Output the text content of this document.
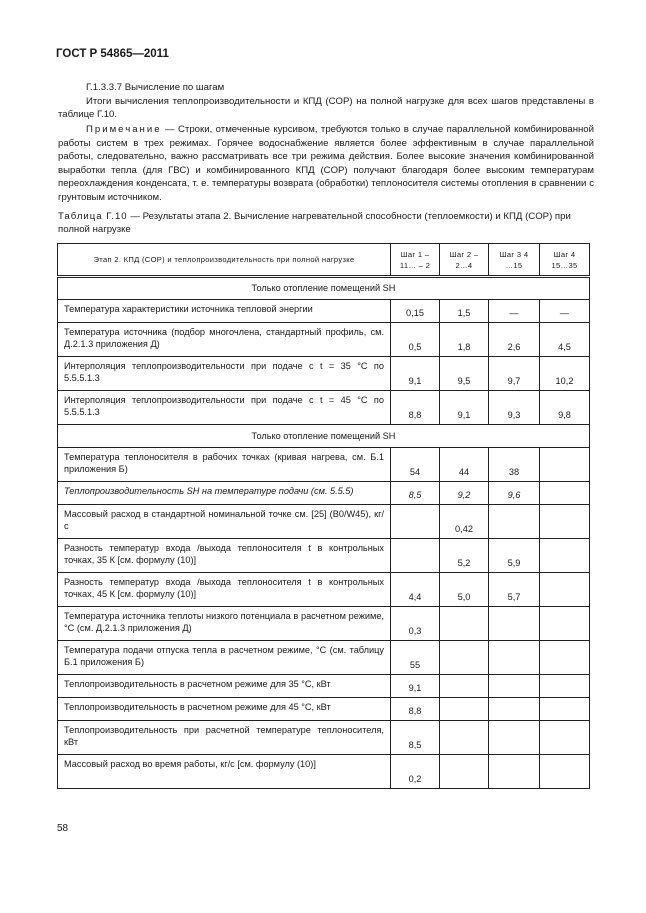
ГОСТ Р 54865—2011
Г.1.3.3.7 Вычисление по шагам
Итоги вычисления теплопроизводительности и КПД (COP) на полной нагрузке для всех шагов представлены в таблице Г.10.
Примечание — Строки, отмеченные курсивом, требуются только в случае параллельной комбинированной работы систем в трех режимах. Горячее водоснабжение является более эффективным в случае параллельной работы, следовательно, важно рассматривать все три режима действия. Более высокие значения комбинированной выработки тепла (для ГВС) и комбинированного КПД (COP) получают благодаря более высоким температурам переохлаждения конденсата, т. е. температуры возврата (обработки) теплоносителя системы отопления в сравнении с грунтовым источником.
Таблица Г.10 — Результаты этапа 2. Вычисление нагревательной способности (теплоемкости) и КПД (COP) при полной нагрузке
Этап 2. КПД (COP) и теплопроизводительность при полной нагрузке	Шаг 1 – 11… – 2	Шаг 2 – 2…4	Шаг 3 4 …15	Шаг 4 15…35
Только отопление помещений SH				
Температура характеристики источника тепловой энергии	0,15	1,5	—	—
Температура источника (подбор многочлена, стандартный профиль, см. Д.2.1.3 приложения Д)	0,5	1,8	2,6	4,5
Интерполяция теплопроизводительности при подаче с t = 35 °С по 5.5.5.1.3	9,1	9,5	9,7	10,2
Интерполяция теплопроизводительности при подаче с t = 45 °С по 5.5.5.1.3	8,8	9,1	9,3	9,8
Только отопление помещений SH				
Температура теплоносителя в рабочих точках (кривая нагрева, см. Б.1 приложения Б)	54	44	38	
Теплопроизводительность SH на температуре подачи (см. 5.5.5)	8,5	9,2	9,6	
Массовый расход в стандартной номинальной точке см. [25] (B0/W45), кг/с		0,42		
Разность температур входа /выхода теплоносителя t в контрольных точках, 35 К [см. формулу (10)]		5,2	5,9	
Разность температур входа /выхода теплоносителя t в контрольных точках, 45 К [см. формулу (10)]	4,4	5,0	5,7	
Температура источника теплоты низкого потенциала в расчетном режиме, °С (см. Д.2.1.3 приложения Д)	0,3			
Температура подачи отпуска тепла в расчетном режиме, °С (см. таблицу Б.1 приложения Б)	55			
Теплопроизводительность в расчетном режиме для 35 °С, кВт	9,1			
Теплопроизводительность в расчетном режиме для 45 °С, кВт	8,8			
Теплопроизводительность при расчетной температуре теплоносителя, кВт	8,5			
Массовый расход во время работы, кг/с [см. формулу (10)]	0,2			
58
